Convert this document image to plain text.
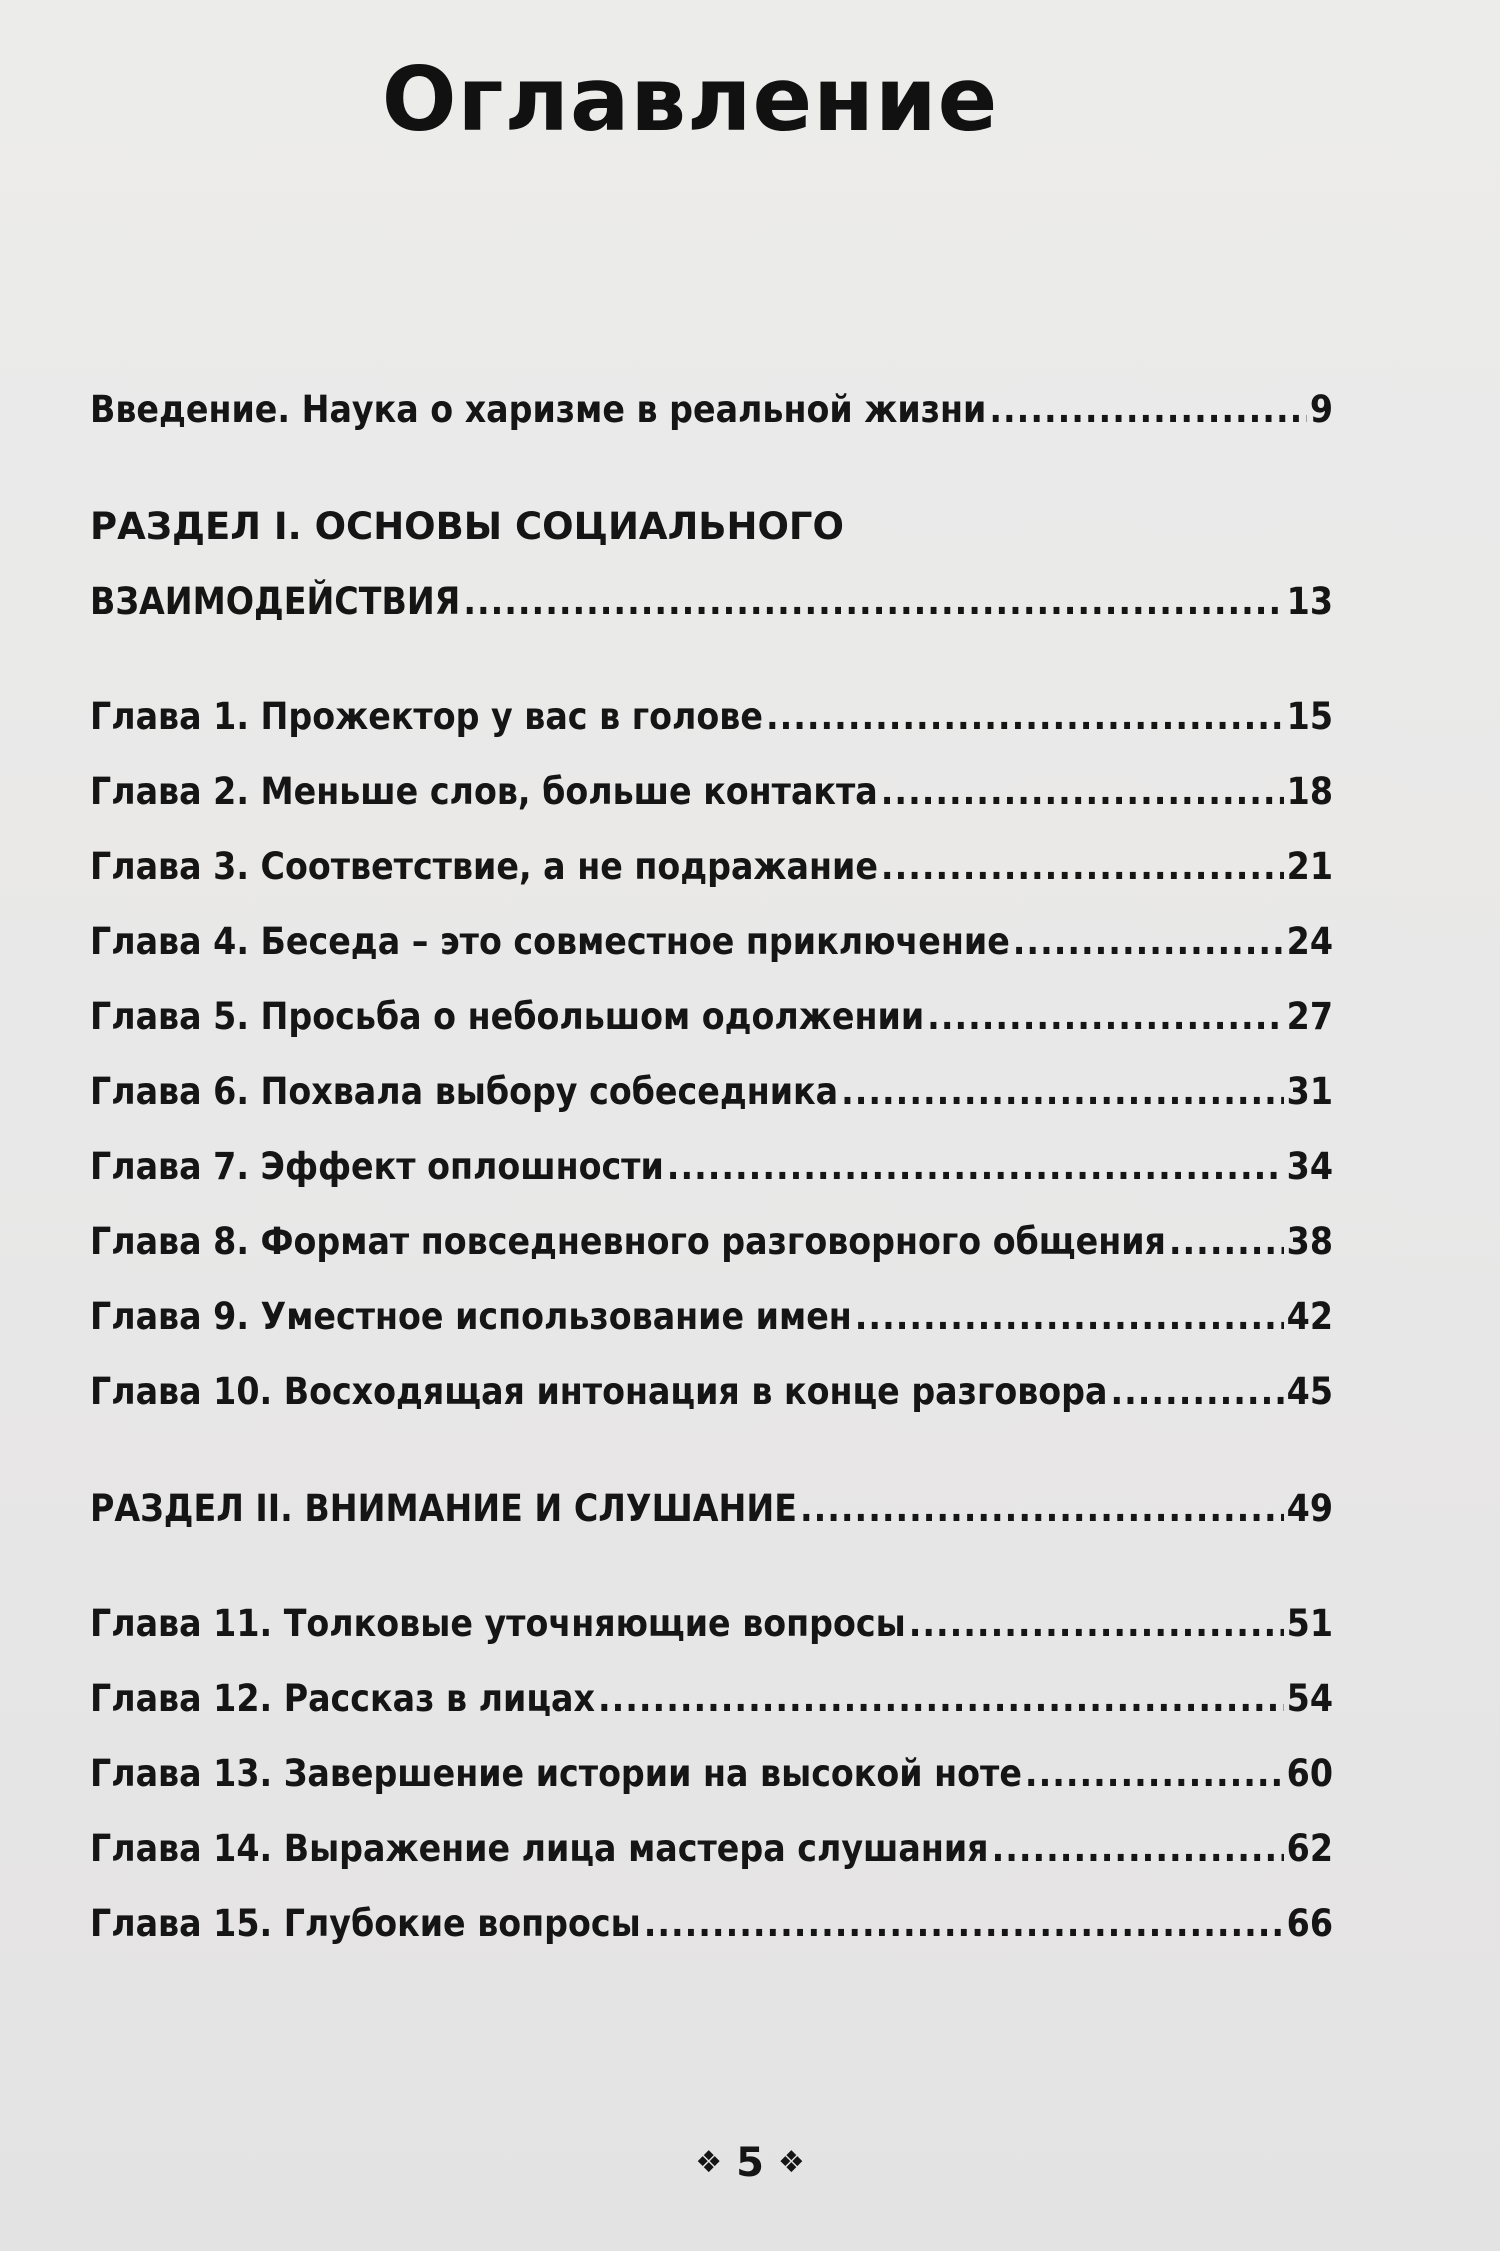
Оглавление
Введение. Наука о харизме в реальной жизни .....	9
РАЗДЕЛ I. ОСНОВЫ СОЦИАЛЬНОГО
ВЗАИМОДЕЙСТВИЯ .....	13
Глава 1. Прожектор у вас в голове .....	15
Глава 2. Меньше слов, больше контакта .....	18
Глава 3. Соответствие, а не подражание .....	21
Глава 4. Беседа – это совместное приключение .....	24
Глава 5. Просьба о небольшом одолжении .....	27
Глава 6. Похвала выбору собеседника .....	31
Глава 7. Эффект оплошности .....	34
Глава 8. Формат повседневного разговорного общения .....	38
Глава 9. Уместное использование имен .....	42
Глава 10. Восходящая интонация в конце разговора .....	45
РАЗДЕЛ II. ВНИМАНИЕ И СЛУШАНИЕ .....	49
Глава 11. Толковые уточняющие вопросы .....	51
Глава 12. Рассказ в лицах .....	54
Глава 13. Завершение истории на высокой ноте .....	60
Глава 14. Выражение лица мастера слушания .....	62
Глава 15. Глубокие вопросы .....	66
❖ 5 ❖
